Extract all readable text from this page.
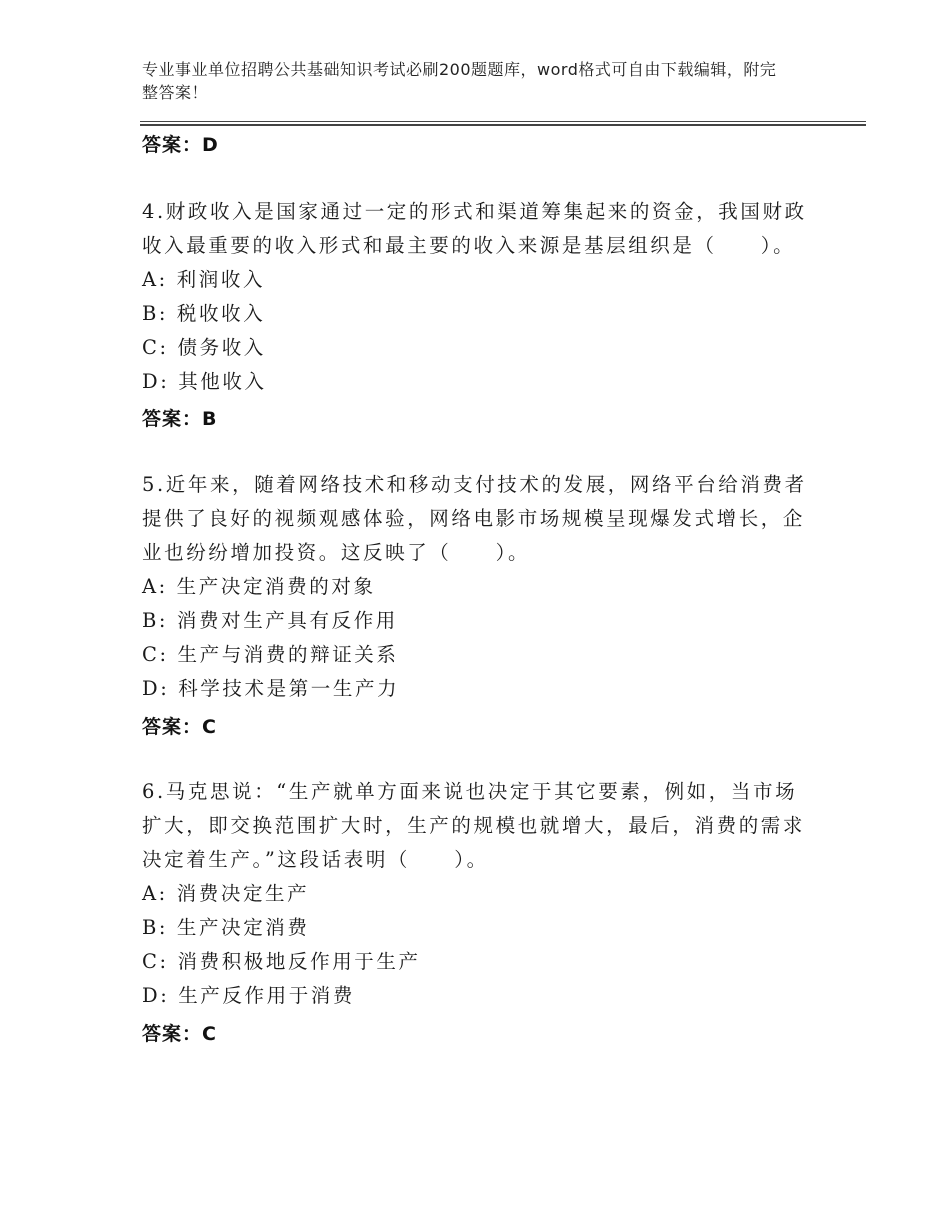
专业事业单位招聘公共基础知识考试必刷200题题库，word格式可自由下载编辑，附完整答案！
答案：D
4.财政收入是国家通过一定的形式和渠道筹集起来的资金，我国财政收入最重要的收入形式和最主要的收入来源是基层组织是（　　）。
A: 利润收入
B: 税收收入
C: 债务收入
D: 其他收入
答案：B
5.近年来，随着网络技术和移动支付技术的发展，网络平台给消费者提供了良好的视频观感体验，网络电影市场规模呈现爆发式增长，企业也纷纷增加投资。这反映了（　　）。
A: 生产决定消费的对象
B: 消费对生产具有反作用
C: 生产与消费的辩证关系
D: 科学技术是第一生产力
答案：C
6.马克思说：“生产就单方面来说也决定于其它要素，例如，当市场扩大，即交换范围扩大时，生产的规模也就增大，最后，消费的需求决定着生产。”这段话表明（　　）。
A: 消费决定生产
B: 生产决定消费
C: 消费积极地反作用于生产
D: 生产反作用于消费
答案：C
